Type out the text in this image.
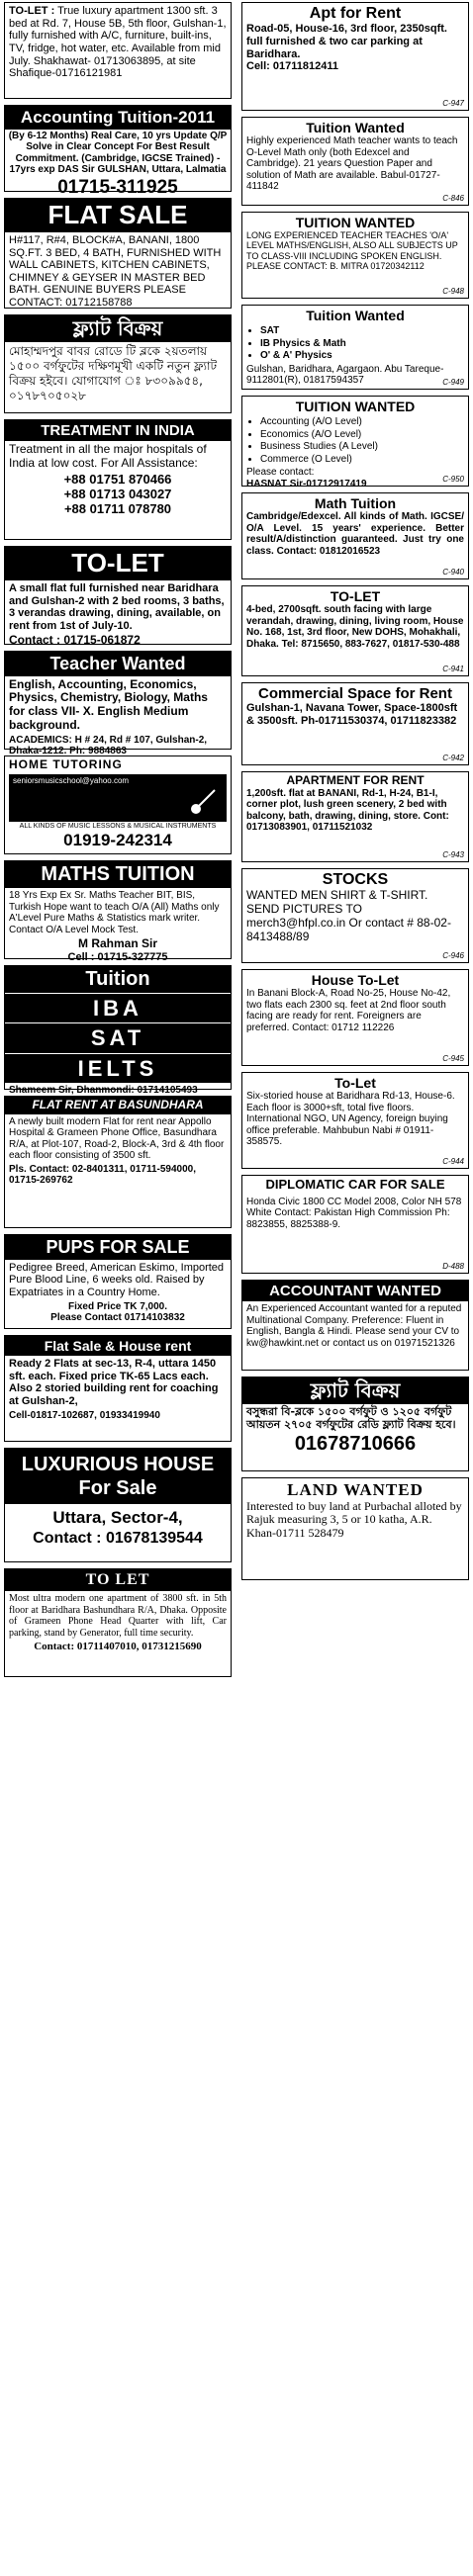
TO-LET : True luxury apartment 1300 sft. 3 bed at Rd. 7, House 5B, 5th floor, Gulshan-1, fully furnished with A/C, furniture, built-ins, TV, fridge, hot water, etc. Available from mid July. Shakhawat- 01713063895, at site Shafique-01716121981
Accounting Tuition-2011
(By 6-12 Months) Real Care, 10 yrs Update Q/P Solve in Clear Concept For Best Result Commitment. (Cambridge, IGCSE Trained) - 17yrs exp DAS Sir GULSHAN, Uttara, Lalmatia
01715-311925
FLAT SALE
H#117, R#4, BLOCK#A, BANANI, 1800 SQ.FT. 3 BED, 4 BATH, FURNISHED WITH WALL CABINETS, KITCHEN CABINETS, CHIMNEY & GEYSER IN MASTER BED BATH. GENUINE BUYERS PLEASE CONTACT: 01712158788
ফ্ল্যাট বিক্রয়
মোহাম্মদপুর বাবর রোডে টি ব্লকে ২য়তলায় ১৫০০ বর্গফুটের দক্ষিণমূখী একটি নতুন ফ্ল্যাট বিক্রয় হইবে। যোগাযোগ ঃ ৮৩০৯৯৫৪, ০১৭৮৭০৫০২৮
TREATMENT IN INDIA
Treatment in all the major hospitals of India at low cost. For All Assistance:
+88 01751 870466
+88 01713 043027
+88 01711 078780
TO-LET
A small flat full furnished near Baridhara and Gulshan-2 with 2 bed rooms, 3 baths, 3 verandas drawing, dining, available, on rent from 1st of July-10.
Contact : 01715-061872
Teacher Wanted
English, Accounting, Economics, Physics, Chemistry, Biology, Maths for class VII- X. English Medium background.
ACADEMICS: H # 24, Rd # 107, Gulshan-2, Dhaka-1212. Ph: 9884863
HOME TUTORING
seniorsmusicschool@yahoo.com
ALL KINDS OF MUSIC LESSONS & MUSICAL INSTRUMENTS
01919-242314
MATHS TUITION
18 Yrs Exp Ex Sr. Maths Teacher BIT, BIS, Turkish Hope want to teach O/A (All) Maths only A'Level Pure Maths & Statistics mark writer. Contact O/A Level Mock Test.
M Rahman Sir
Cell : 01715-327775
Tuition
IBA
SAT
IELTS
Shameem Sir, Dhanmondi: 01714105493
FLAT RENT AT BASUNDHARA
A newly built modern Flat for rent near Appollo Hospital & Grameen Phone Office, Basundhara R/A, at Plot-107, Road-2, Block-A, 3rd & 4th floor each floor consisting of 3500 sft.
Pls. Contact: 02-8401311, 01711-594000, 01715-269762
PUPS FOR SALE
Pedigree Breed, American Eskimo, Imported Pure Blood Line, 6 weeks old. Raised by Expatriates in a Country Home.
Fixed Price TK 7,000.
Please Contact 01714103832
Flat Sale & House rent
Ready 2 Flats at sec-13, R-4, uttara 1450 sft. each. Fixed price TK-65 Lacs each. Also 2 storied building rent for coaching at Gulshan-2,
Cell-01817-102687, 01933419940
LUXURIOUS HOUSE For Sale
Uttara, Sector-4,
Contact : 01678139544
TO LET
Most ultra modern one apartment of 3800 sft. in 5th floor at Baridhara Bashundhara R/A, Dhaka. Opposite of Grameen Phone Head Quarter with lift, Car parking, stand by Generator, full time security.
Contact: 01711407010, 01731215690
Apt for Rent
Road-05, House-16, 3rd floor, 2350sqft. full furnished & two car parking at Baridhara.
Cell: 01711812411
C-947
Tuition Wanted
Highly experienced Math teacher wants to teach O-Level Math only (both Edexcel and Cambridge). 21 years Question Paper and solution of Math are available. Babul-01727-411842
C-846
TUITION WANTED
LONG EXPERIENCED TEACHER TEACHES 'O/A' LEVEL MATHS/ENGLISH, ALSO ALL SUBJECTS UP TO CLASS-VIII INCLUDING SPOKEN ENGLISH. PLEASE CONTACT: B. MITRA 01720342112
C-948
Tuition Wanted
• SAT
• IB Physics & Math
• O' & A' Physics
Gulshan, Baridhara, Agargaon. Abu Tareque-9112801(R), 01817594357	C-949
TUITION WANTED
• Accounting (A/O Level)
• Economics (A/O Level)
• Business Studies (A Level)
• Commerce (O Level)
Please contact:
HASNAT Sir-01712917419	C-950
Math Tuition
Cambridge/Edexcel. All kinds of Math. IGCSE/ O/A Level. 15 years' experience. Better result/A/distinction guaranteed. Just try one class. Contact: 01812016523
C-940
TO-LET
4-bed, 2700sqft. south facing with large verandah, drawing, dining, living room, House No. 168, 1st, 3rd floor, New DOHS, Mohakhali, Dhaka. Tel: 8715650, 883-7627, 01817-530-488
C-941
Commercial Space for Rent
Gulshan-1, Navana Tower, Space-1800sft & 3500sft. Ph-01711530374, 01711823382
C-942
APARTMENT FOR RENT
1,200sft. flat at BANANI, Rd-1, H-24, B1-I, corner plot, lush green scenery, 2 bed with balcony, bath, drawing, dining, store. Cont: 01713083901, 01711521032
C-943
STOCKS
WANTED MEN SHIRT & T-SHIRT. SEND PICTURES TO merch3@hfpl.co.in Or contact # 88-02-8413488/89
C-946
House To-Let
In Banani Block-A, Road No-25, House No-42, two flats each 2300 sq. feet at 2nd floor south facing are ready for rent. Foreigners are preferred. Contact: 01712 112226
C-945
To-Let
Six-storied house at Baridhara Rd-13, House-6. Each floor is 3000+sft, total five floors. International NGO, UN Agency, foreign buying office preferable. Mahbubun Nabi # 01911-358575.
C-944
DIPLOMATIC CAR FOR SALE
Honda Civic 1800 CC Model 2008, Color NH 578 White Contact: Pakistan High Commission Ph: 8823855, 8825388-9.
D-488
ACCOUNTANT WANTED
An Experienced Accountant wanted for a reputed Multinational Company. Preference: Fluent in English, Bangla & Hindi. Please send your CV to kw@hawkint.net or contact us on 01971521326
ফ্ল্যাট বিক্রয়
বসুন্ধরা বি-ব্লকে ১৫০০ বর্গফুট ও ১২০৫ বর্গফুট আয়তন ২৭০৫ বর্গফুটের রেডি ফ্ল্যাট বিক্রয় হবে।
01678710666
LAND WANTED
Interested to buy land at Purbachal alloted by Rajuk measuring 3, 5 or 10 katha, A.R. Khan-01711 528479
